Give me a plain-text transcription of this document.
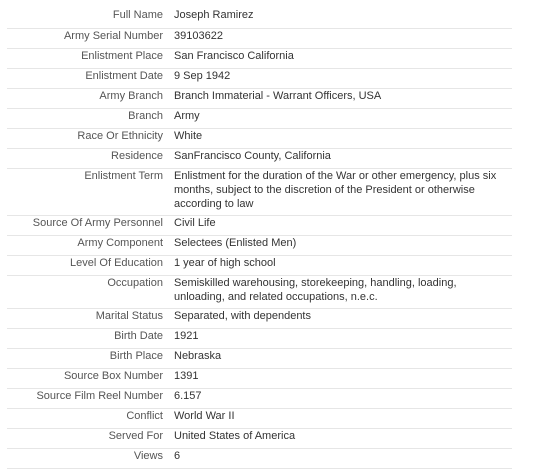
Full Name	Joseph Ramirez
Army Serial Number	39103622
Enlistment Place	San Francisco California
Enlistment Date	9 Sep 1942
Army Branch	Branch Immaterial - Warrant Officers, USA
Branch	Army
Race Or Ethnicity	White
Residence	SanFrancisco County, California
Enlistment Term	Enlistment for the duration of the War or other emergency, plus six months, subject to the discretion of the President or otherwise according to law
Source Of Army Personnel	Civil Life
Army Component	Selectees (Enlisted Men)
Level Of Education	1 year of high school
Occupation	Semiskilled warehousing, storekeeping, handling, loading, unloading, and related occupations, n.e.c.
Marital Status	Separated, with dependents
Birth Date	1921
Birth Place	Nebraska
Source Box Number	1391
Source Film Reel Number	6.157
Conflict	World War II
Served For	United States of America
Views	6
